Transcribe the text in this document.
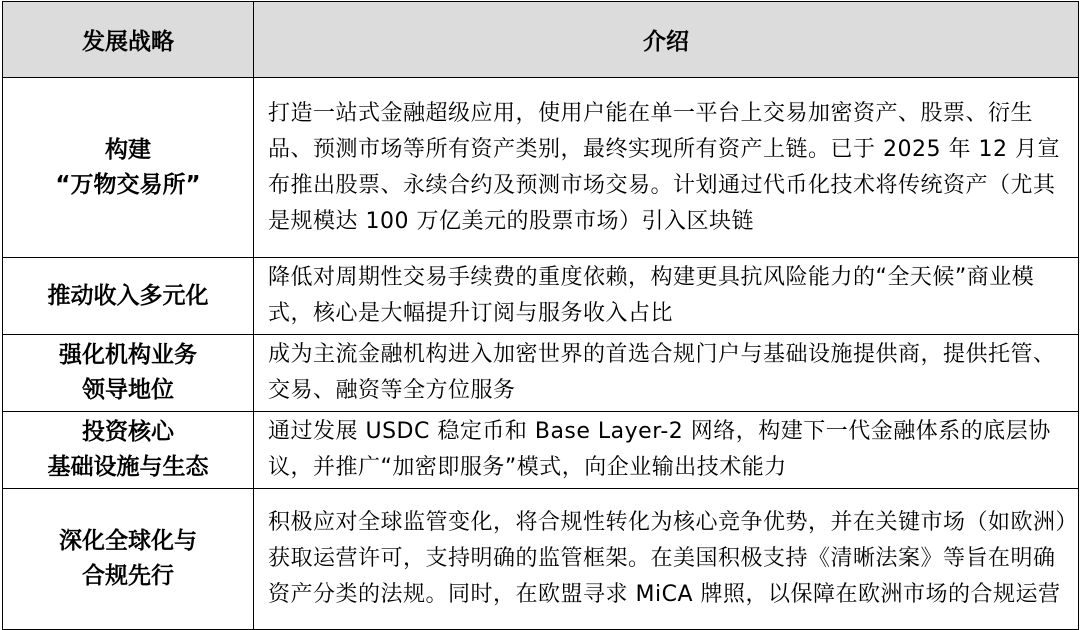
发展战略	介绍
构建
“万物交易所”	打造一站式金融超级应用，使用户能在单一平台上交易加密资产、股票、衍生品、预测市场等所有资产类别，最终实现所有资产上链。已于 2025 年 12 月宣布推出股票、永续合约及预测市场交易。计划通过代币化技术将传统资产（尤其是规模达 100 万亿美元的股票市场）引入区块链
推动收入多元化	降低对周期性交易手续费的重度依赖，构建更具抗风险能力的“全天候”商业模式，核心是大幅提升订阅与服务收入占比
强化机构业务
领导地位	成为主流金融机构进入加密世界的首选合规门户与基础设施提供商，提供托管、交易、融资等全方位服务
投资核心
基础设施与生态	通过发展 USDC 稳定币和 Base Layer-2 网络，构建下一代金融体系的底层协议，并推广“加密即服务”模式，向企业输出技术能力
深化全球化与
合规先行	积极应对全球监管变化，将合规性转化为核心竞争优势，并在关键市场（如欧洲）获取运营许可，支持明确的监管框架。在美国积极支持《清晰法案》等旨在明确资产分类的法规。同时，在欧盟寻求 MiCA 牌照，以保障在欧洲市场的合规运营
